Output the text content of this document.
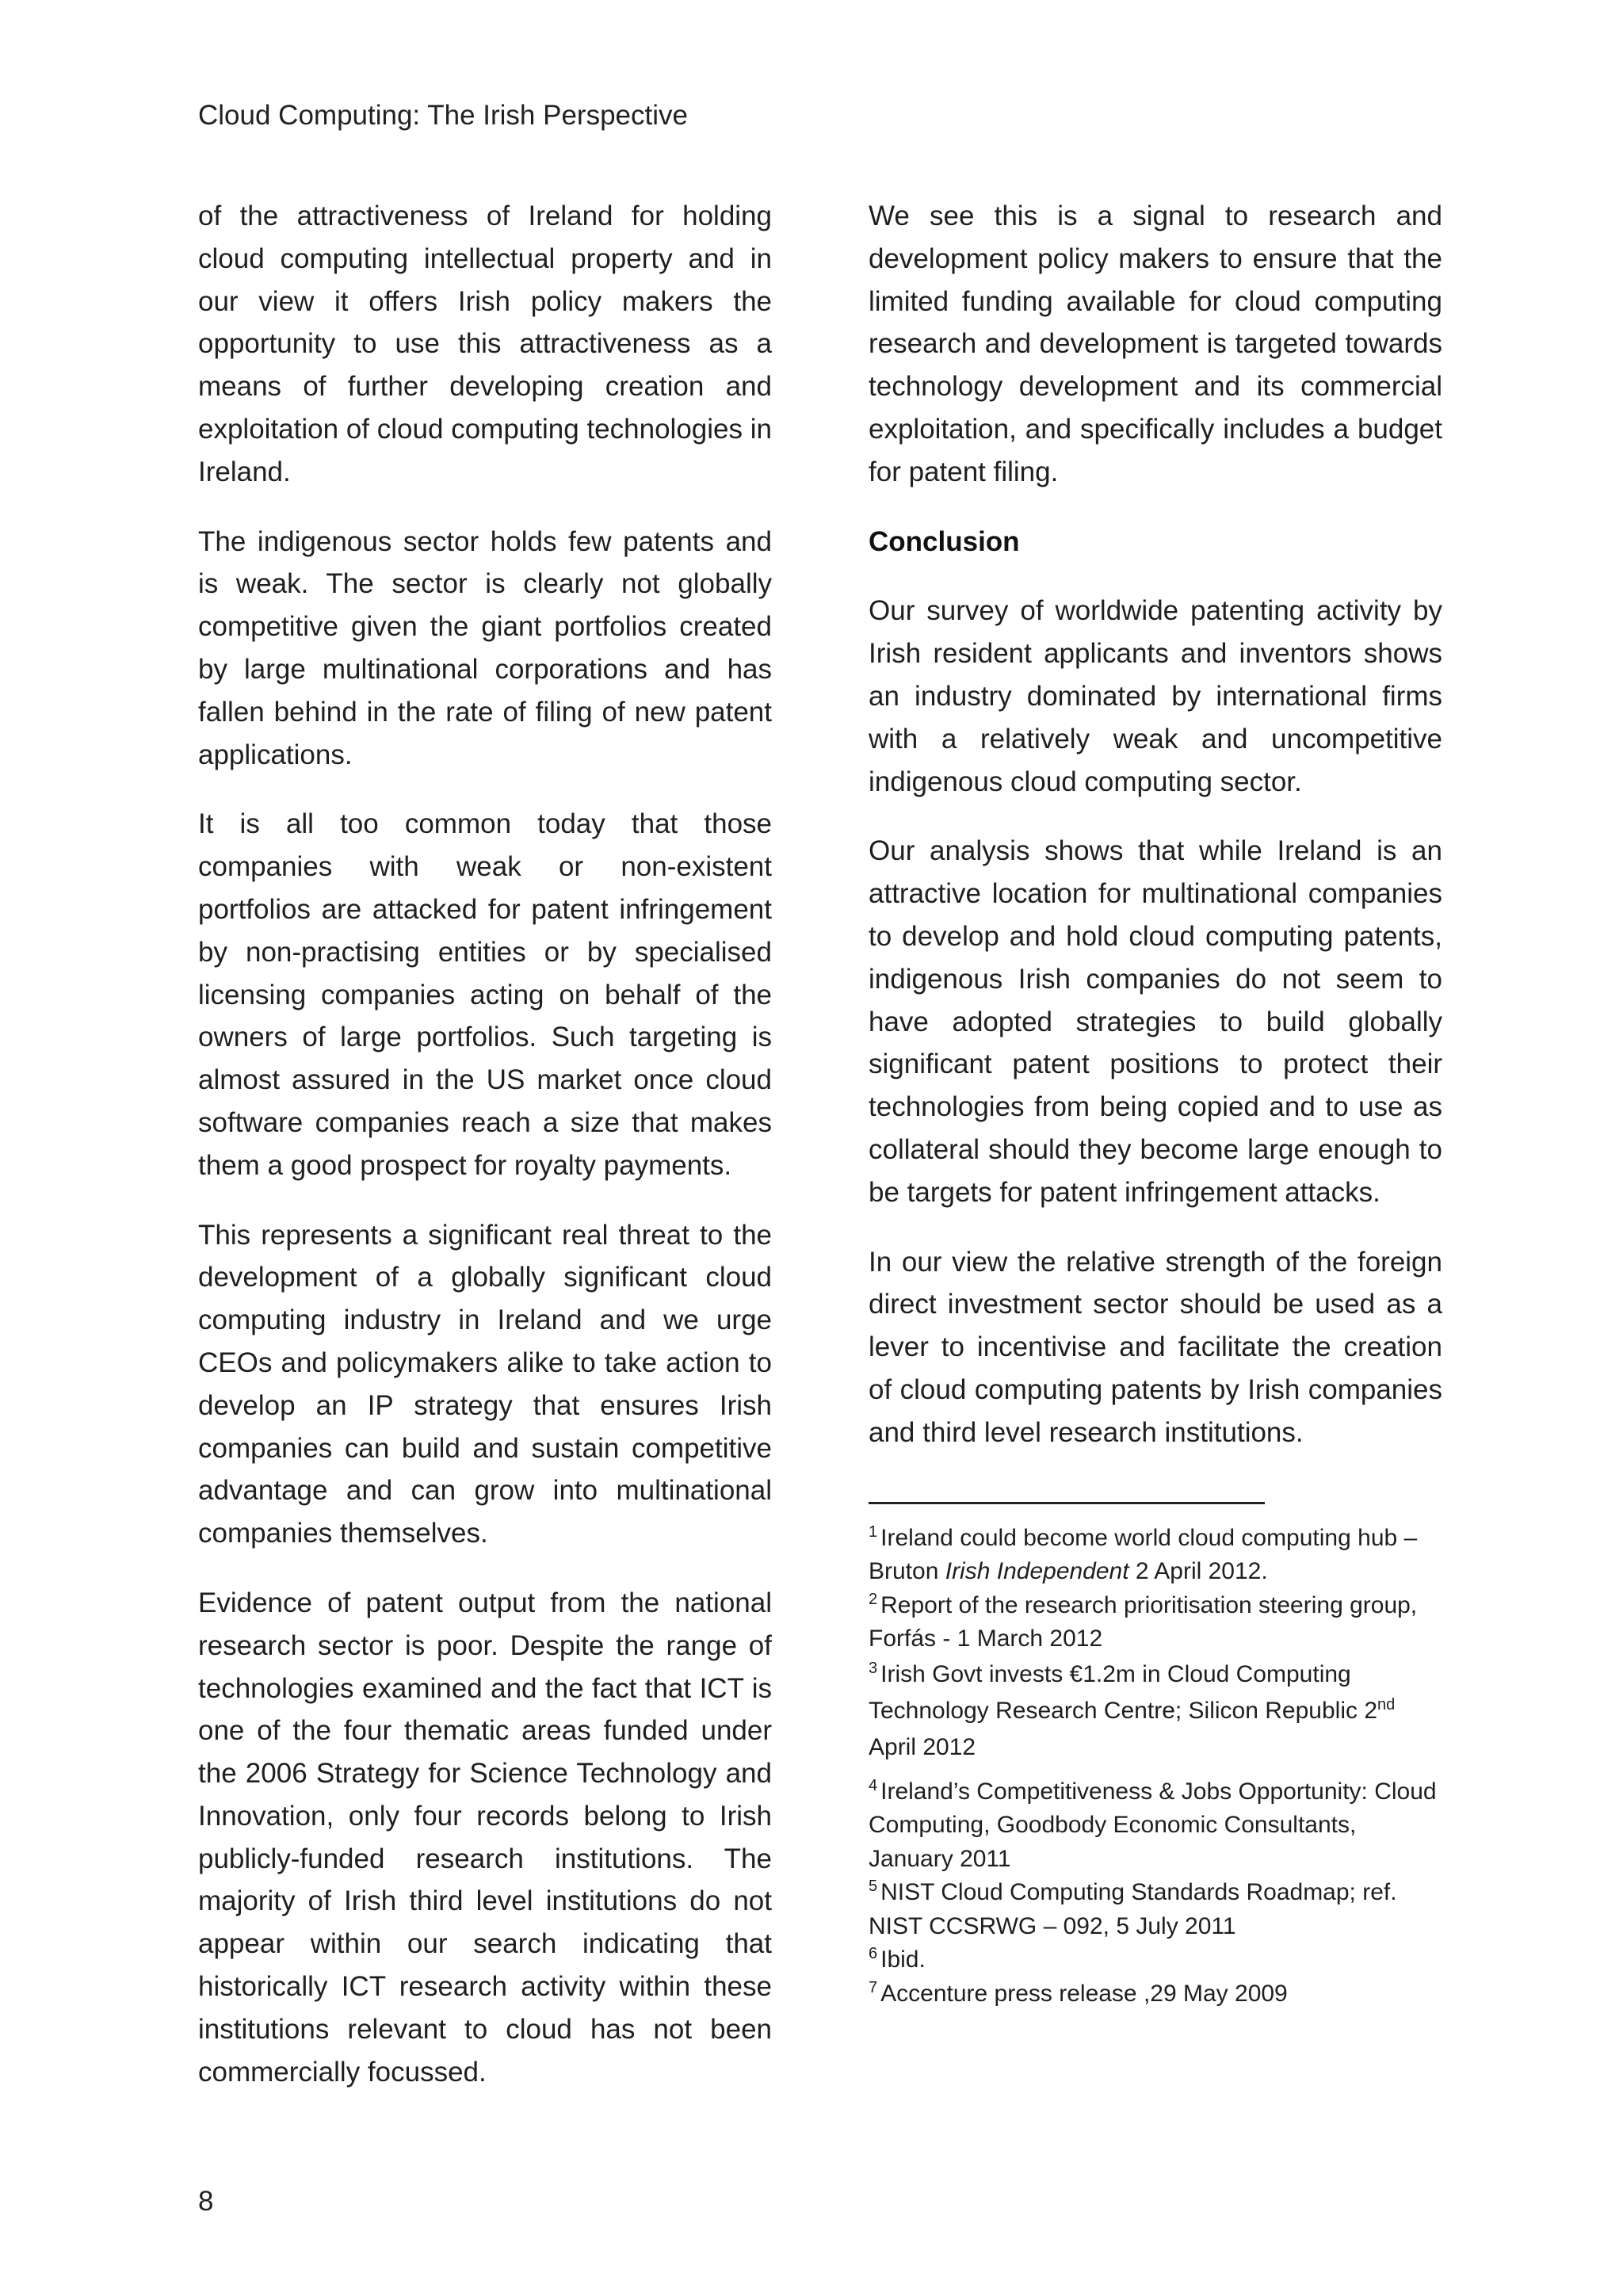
Cloud Computing: The Irish Perspective

of the attractiveness of Ireland for holding cloud computing intellectual property and in our view it offers Irish policy makers the opportunity to use this attractiveness as a means of further developing creation and exploitation of cloud computing technologies in Ireland.

The indigenous sector holds few patents and is weak. The sector is clearly not globally competitive given the giant portfolios created by large multinational corporations and has fallen behind in the rate of filing of new patent applications.

It is all too common today that those companies with weak or non-existent portfolios are attacked for patent infringement by non-practising entities or by specialised licensing companies acting on behalf of the owners of large portfolios. Such targeting is almost assured in the US market once cloud software companies reach a size that makes them a good prospect for royalty payments.

This represents a significant real threat to the development of a globally significant cloud computing industry in Ireland and we urge CEOs and policymakers alike to take action to develop an IP strategy that ensures Irish companies can build and sustain competitive advantage and can grow into multinational companies themselves.

Evidence of patent output from the national research sector is poor. Despite the range of technologies examined and the fact that ICT is one of the four thematic areas funded under the 2006 Strategy for Science Technology and Innovation, only four records belong to Irish publicly-funded research institutions. The majority of Irish third level institutions do not appear within our search indicating that historically ICT research activity within these institutions relevant to cloud has not been commercially focussed.

We see this is a signal to research and development policy makers to ensure that the limited funding available for cloud computing research and development is targeted towards technology development and its commercial exploitation, and specifically includes a budget for patent filing.

Conclusion

Our survey of worldwide patenting activity by Irish resident applicants and inventors shows an industry dominated by international firms with a relatively weak and uncompetitive indigenous cloud computing sector.

Our analysis shows that while Ireland is an attractive location for multinational companies to develop and hold cloud computing patents, indigenous Irish companies do not seem to have adopted strategies to build globally significant patent positions to protect their technologies from being copied and to use as collateral should they become large enough to be targets for patent infringement attacks.

In our view the relative strength of the foreign direct investment sector should be used as a lever to incentivise and facilitate the creation of cloud computing patents by Irish companies and third level research institutions.

$^1$ Ireland could become world cloud computing hub – Bruton Irish Independent 2 April 2012.
$^2$ Report of the research prioritisation steering group, Forfás - 1 March 2012
$^3$ Irish Govt invests €1.2m in Cloud Computing Technology Research Centre; Silicon Republic 2nd April 2012
$^4$ Ireland’s Competitiveness & Jobs Opportunity: Cloud Computing, Goodbody Economic Consultants, January 2011
$^5$ NIST Cloud Computing Standards Roadmap; ref. NIST CCSRWG – 092, 5 July 2011
$^6$ Ibid.
$^7$ Accenture press release ,29 May 2009
8
